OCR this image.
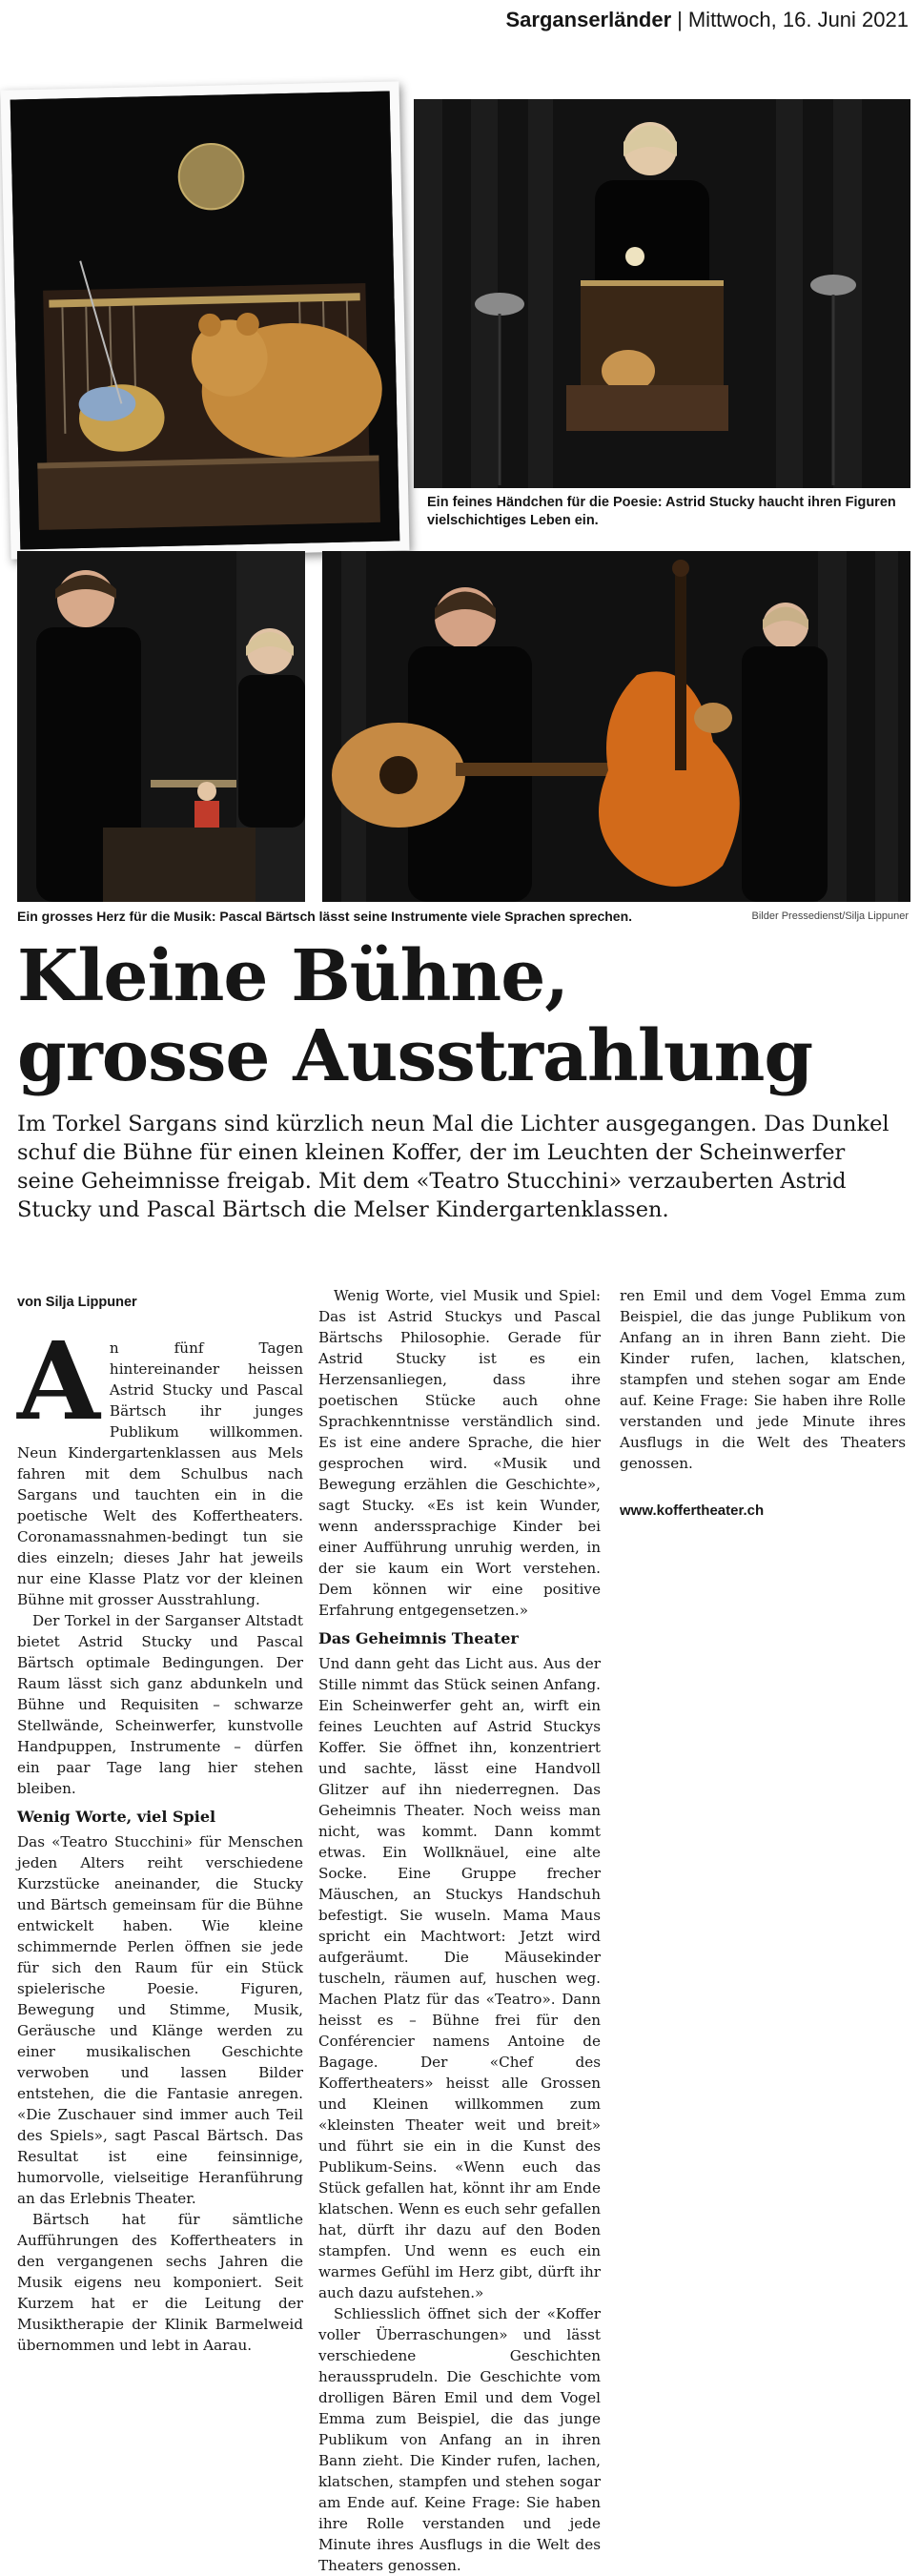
Sarganserländer | Mittwoch, 16. Juni 2021
Ein feines Händchen für die Poesie: Astrid Stucky haucht ihren Figuren vielschichtiges Leben ein.
Ein grosses Herz für die Musik: Pascal Bärtsch lässt seine Instrumente viele Sprachen sprechen.	Bilder Pressedienst/Silja Lippuner
Kleine Bühne,
grosse Ausstrahlung

Im Torkel Sargans sind kürzlich neun Mal die Lichter ausgegangen. Das Dunkel schuf die Bühne für einen kleinen Koffer, der im Leuchten der Scheinwerfer seine Geheimnisse freigab. Mit dem «Teatro Stucchini» verzauberten Astrid Stucky und Pascal Bärtsch die Melser Kindergartenklassen.

von Silja Lippuner

An fünf Tagen hintereinander heissen Astrid Stucky und Pascal Bärtsch ihr junges Publikum willkommen. Neun Kindergartenklassen aus Mels fahren mit dem Schulbus nach Sargans und tauchten ein in die poetische Welt des Koffertheaters. Coronamassnahmen-bedingt tun sie dies einzeln; dieses Jahr hat jeweils nur eine Klasse Platz vor der kleinen Bühne mit grosser Ausstrahlung.

Der Torkel in der Sarganser Altstadt bietet Astrid Stucky und Pascal Bärtsch optimale Bedingungen. Der Raum lässt sich ganz abdunkeln und Bühne und Requisiten – schwarze Stellwände, Scheinwerfer, kunstvolle Handpuppen, Instrumente – dürfen ein paar Tage lang hier stehen bleiben.

Wenig Worte, viel Spiel

Das «Teatro Stucchini» für Menschen jeden Alters reiht verschiedene Kurzstücke aneinander, die Stucky und Bärtsch gemeinsam für die Bühne entwickelt haben. Wie kleine schimmernde Perlen öffnen sie jede für sich den Raum für ein Stück spielerische Poesie. Figuren, Bewegung und Stimme, Musik, Geräusche und Klänge werden zu einer musikalischen Geschichte verwoben und lassen Bilder entstehen, die die Fantasie anregen. «Die Zuschauer sind immer auch Teil des Spiels», sagt Pascal Bärtsch. Das Resultat ist eine feinsinnige, humorvolle, vielseitige Heranführung an das Erlebnis Theater.

Bärtsch hat für sämtliche Aufführungen des Koffertheaters in den vergangenen sechs Jahren die Musik eigens neu komponiert. Seit Kurzem hat er die Leitung der Musiktherapie der Klinik Barmelweid übernommen und lebt in Aarau.

Wenig Worte, viel Musik und Spiel: Das ist Astrid Stuckys und Pascal Bärtschs Philosophie. Gerade für Astrid Stucky ist es ein Herzensanliegen, dass ihre poetischen Stücke auch ohne Sprachkenntnisse verständlich sind. Es ist eine andere Sprache, die hier gesprochen wird. «Musik und Bewegung erzählen die Geschichte», sagt Stucky. «Es ist kein Wunder, wenn anderssprachige Kinder bei einer Aufführung unruhig werden, in der sie kaum ein Wort verstehen. Dem können wir eine positive Erfahrung entgegensetzen.»

Das Geheimnis Theater

Und dann geht das Licht aus. Aus der Stille nimmt das Stück seinen Anfang. Ein Scheinwerfer geht an, wirft ein feines Leuchten auf Astrid Stuckys Koffer. Sie öffnet ihn, konzentriert und sachte, lässt eine Handvoll Glitzer auf ihn niederregnen. Das Geheimnis Theater. Noch weiss man nicht, was kommt. Dann kommt etwas. Ein Wollknäuel, eine alte Socke. Eine Gruppe frecher Mäuschen, an Stuckys Handschuh befestigt. Sie wuseln. Mama Maus spricht ein Machtwort: Jetzt wird aufgeräumt. Die Mäusekinder tuscheln, räumen auf, huschen weg. Machen Platz für das «Teatro». Dann heisst es – Bühne frei für den Conférencier namens Antoine de Bagage. Der «Chef des Koffertheaters» heisst alle Grossen und Kleinen willkommen zum «kleinsten Theater weit und breit» und führt sie ein in die Kunst des Publikum-Seins. «Wenn euch das Stück gefallen hat, könnt ihr am Ende klatschen. Wenn es euch sehr gefallen hat, dürft ihr dazu auf den Boden stampfen. Und wenn es euch ein warmes Gefühl im Herz gibt, dürft ihr auch dazu aufstehen.»

Schliesslich öffnet sich der «Koffer voller Überraschungen» und lässt verschiedene Geschichten heraussprudeln. Die Geschichte vom drolligen Bären Emil und dem Vogel Emma zum Beispiel, die das junge Publikum von Anfang an in ihren Bann zieht. Die Kinder rufen, lachen, klatschen, stampfen und stehen sogar am Ende auf. Keine Frage: Sie haben ihre Rolle verstanden und jede Minute ihres Ausflugs in die Welt des Theaters genossen.

ren Emil und dem Vogel Emma zum Beispiel, die das junge Publikum von Anfang an in ihren Bann zieht. Die Kinder rufen, lachen, klatschen, stampfen und stehen sogar am Ende auf. Keine Frage: Sie haben ihre Rolle verstanden und jede Minute ihres Ausflugs in die Welt des Theaters genossen.

www.koffertheater.ch
